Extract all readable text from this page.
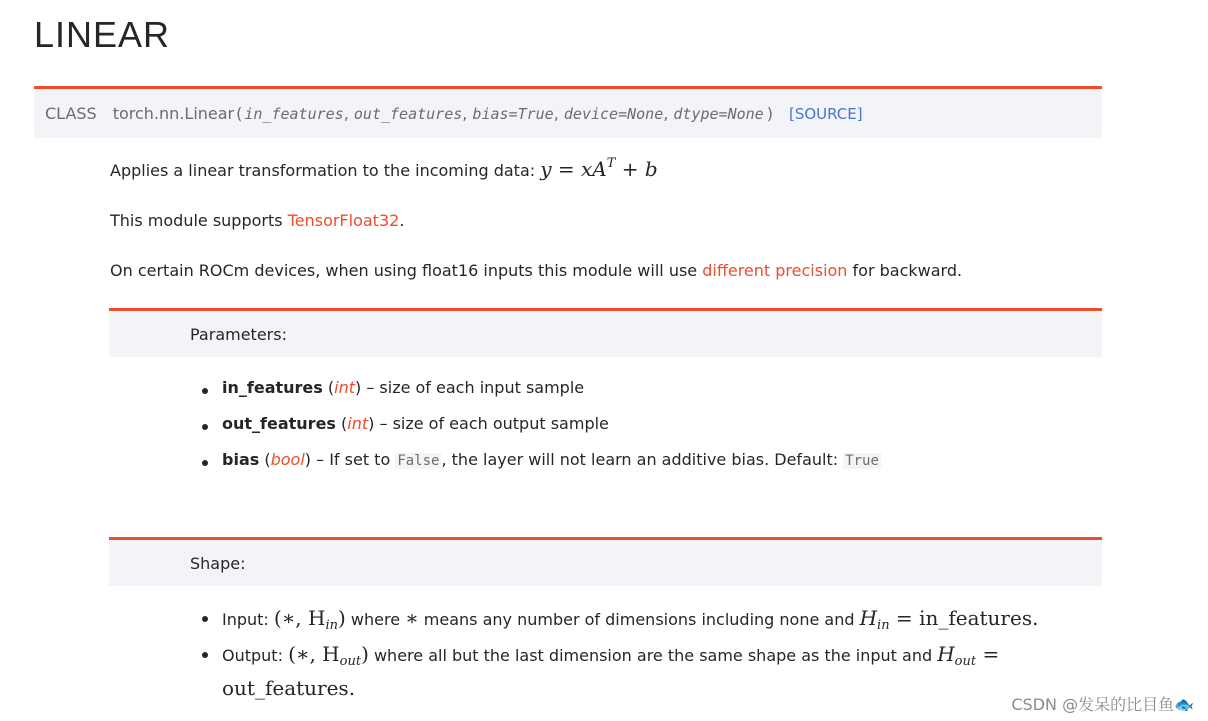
LINEAR
CLASS torch.nn.Linear ( in_features , out_features , bias=True , device=None , dtype=None ) [SOURCE]
Applies a linear transformation to the incoming data: $y = xA^T + b$
This module supports TensorFloat32.
On certain ROCm devices, when using float16 inputs this module will use different precision for backward.
Parameters:
in_features (int) – size of each input sample
out_features (int) – size of each output sample
bias (bool) – If set to False , the layer will not learn an additive bias. Default: True
Shape:
Input: (∗, $H_{in}$) where ∗ means any number of dimensions including none and $H_{in}$ = in_features.
Output: (∗, $H_{out}$) where all but the last dimension are the same shape as the input and $H_{out}$ =
out_features.
CSDN @发呆的比目鱼🐟
